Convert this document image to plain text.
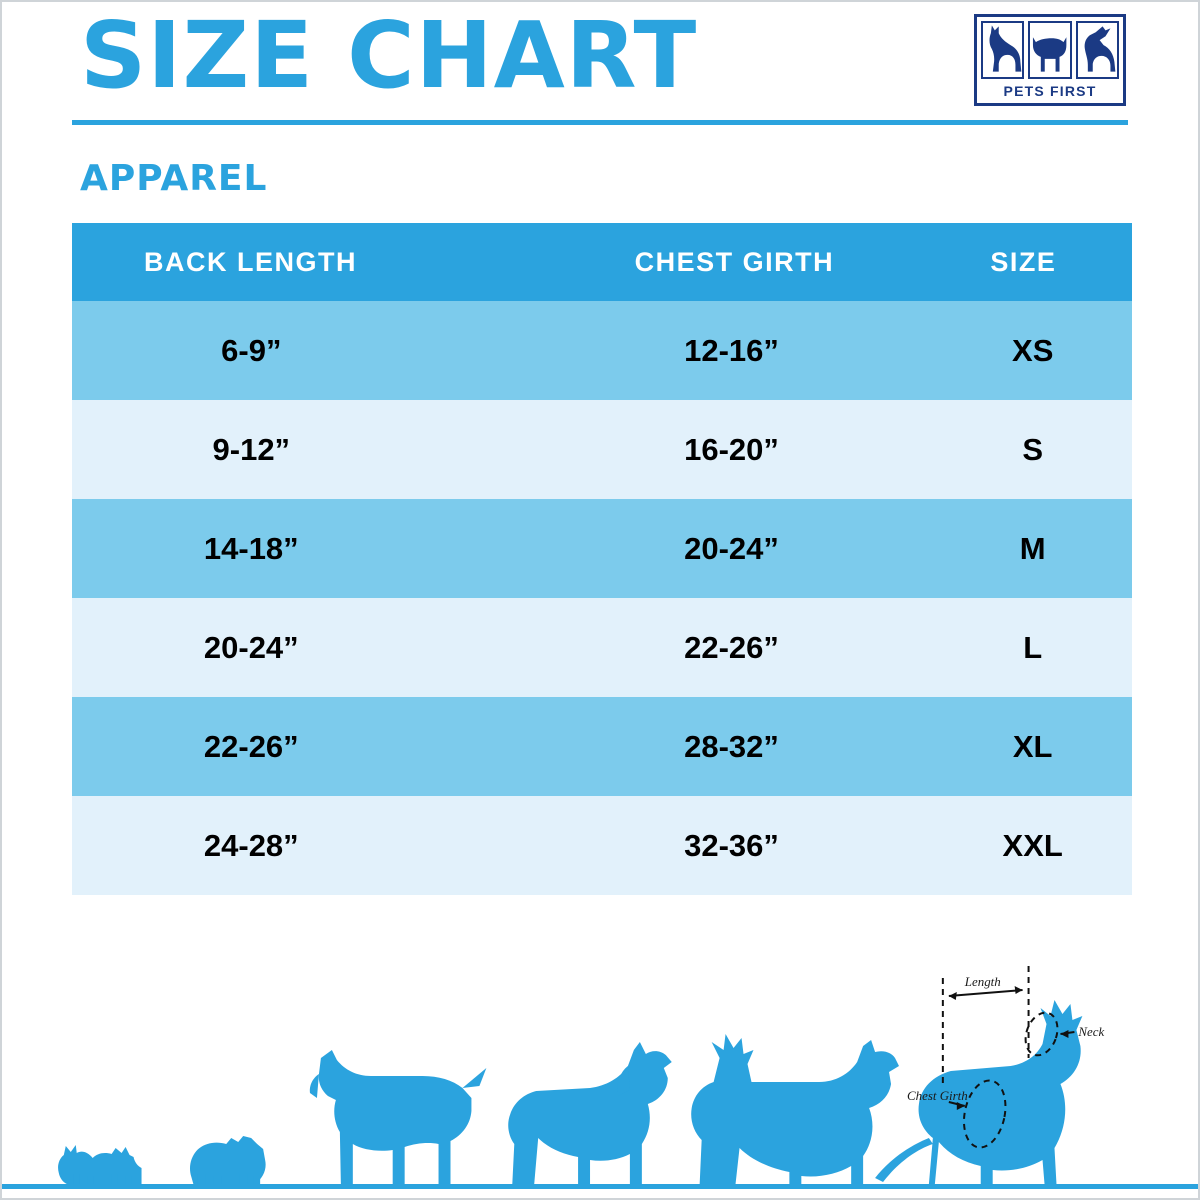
SIZE CHART	PETS FIRST
APPAREL
BACK LENGTH	CHEST GIRTH	SIZE
6-9”	12-16”	XS
9-12”	16-20”	S
14-18”	20-24”	M
20-24”	22-26”	L
22-26”	28-32”	XL
24-28”	32-36”	XXL
Length
Neck
Chest Girth
